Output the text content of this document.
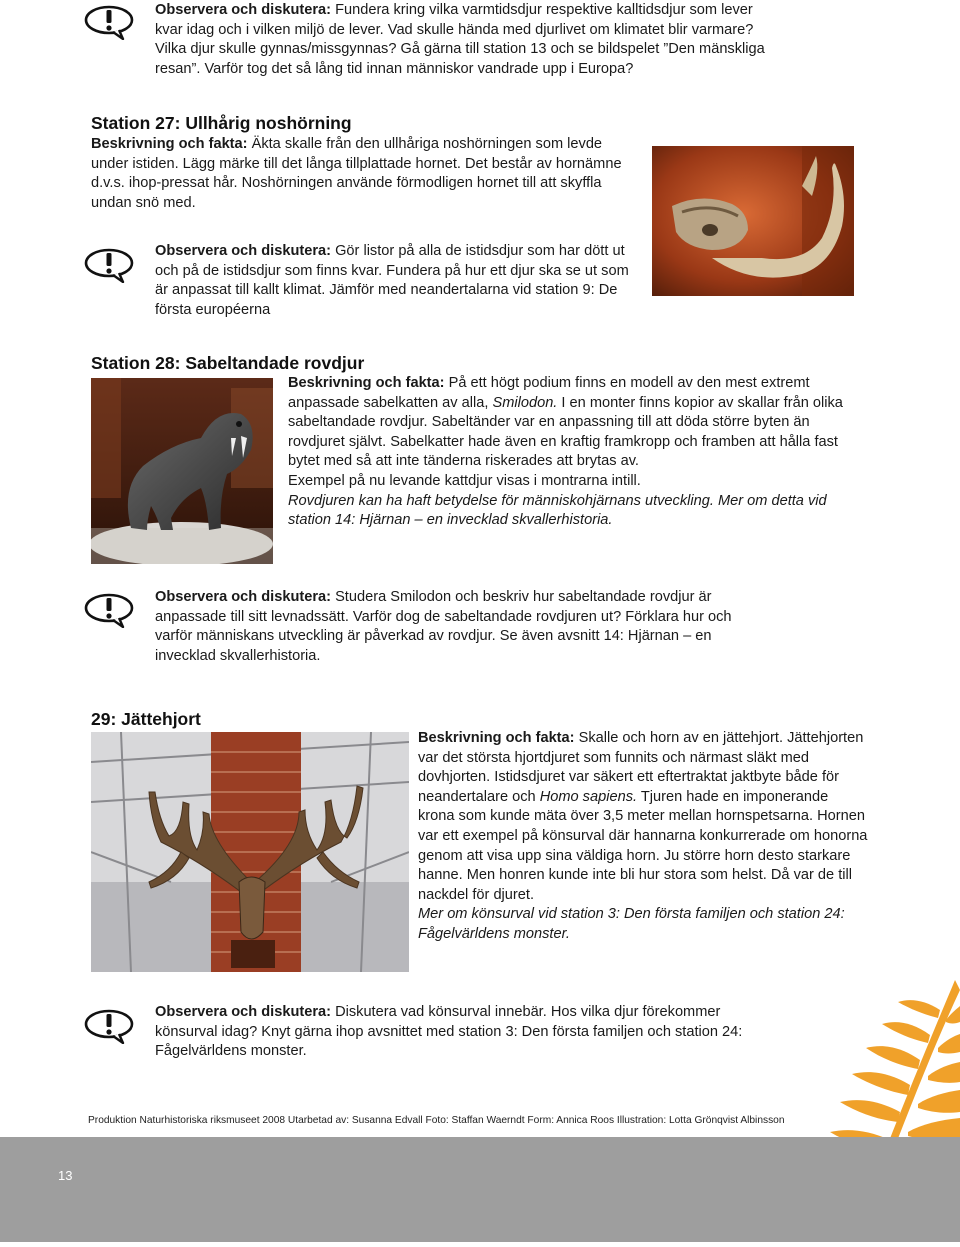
Observera och diskutera: Fundera kring vilka varmtidsdjur respektive kalltidsdjur som lever kvar idag och i vilken miljö de lever. Vad skulle hända med djurlivet om klimatet blir varmare? Vilka djur skulle gynnas/missgynnas? Gå gärna till station 13 och se bildspelet ”Den mänskliga resan”. Varför tog det så lång tid innan människor vandrade upp i Europa?
Station 27: Ullhårig noshörning
Beskrivning och fakta: Äkta skalle från den ullhåriga noshörningen som levde under istiden. Lägg märke till det långa tillplattade hornet. Det består av hornämne d.v.s. ihop-pressat hår. Noshörningen använde förmodligen hornet till att skyffla undan snö med.
Observera och diskutera: Gör listor på alla de istidsdjur som har dött ut och på de istidsdjur som finns kvar. Fundera på hur ett djur ska se ut som är anpassat till kallt klimat. Jämför med neandertalarna vid station 9: De första européerna
Station 28: Sabeltandade rovdjur
Beskrivning och fakta: På ett högt podium finns en modell av den mest extremt anpassade sabelkatten av alla, Smilodon. I en monter finns kopior av skallar från olika sabeltandade rovdjur. Sabeltänder var en anpassning till att döda större byten än rovdjuret självt. Sabelkatter hade även en kraftig framkropp och framben att hålla fast bytet med så att inte tänderna riskerades att brytas av.
Exempel på nu levande kattdjur visas i montrarna intill.
Rovdjuren kan ha haft betydelse för människohjärnans utveckling. Mer om detta vid station 14: Hjärnan – en invecklad skvallerhistoria.
Observera och diskutera: Studera Smilodon och beskriv hur sabeltandade rovdjur är anpassade till sitt levnadssätt. Varför dog de sabeltandade rovdjuren ut? Förklara hur och varför människans utveckling är påverkad av rovdjur. Se även avsnitt 14: Hjärnan – en invecklad skvallerhistoria.
29: Jättehjort
Beskrivning och fakta: Skalle och horn av en jättehjort. Jättehjorten var det största hjortdjuret som funnits och närmast släkt med dovhjorten. Istidsdjuret var säkert ett eftertraktat jaktbyte både för neandertalare och Homo sapiens. Tjuren hade en imponerande krona som kunde mäta över 3,5 meter mellan hornspetsarna. Hornen var ett exempel på könsurval där hannarna konkurrerade om honorna genom att visa upp sina väldiga horn. Ju större horn desto starkare hanne. Men honren kunde inte bli hur stora som helst. Då var de till nackdel för djuret.
Mer om könsurval vid station 3: Den första familjen och station 24: Fågelvärldens monster.
Observera och diskutera: Diskutera vad könsurval innebär. Hos vilka djur förekommer könsurval idag? Knyt gärna ihop avsnittet med station 3: Den första familjen och station 24: Fågelvärldens monster.
Produktion Naturhistoriska riksmuseet 2008 Utarbetad av: Susanna Edvall Foto: Staffan Waerndt Form: Annica Roos Illustration: Lotta Grönqvist Albinsson
13
